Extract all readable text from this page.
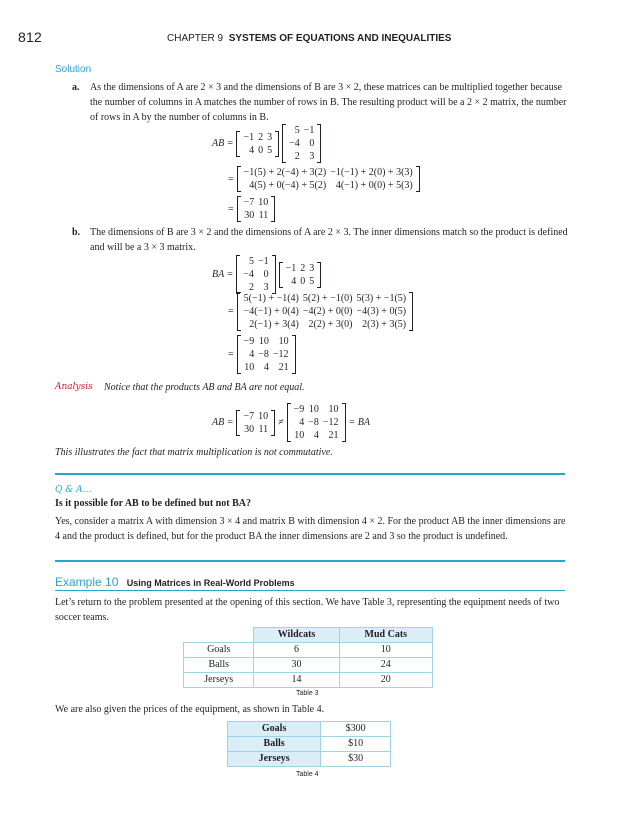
812	CHAPTER 9 SYSTEMS OF EQUATIONS AND INEQUALITIES
Solution
a.	As the dimensions of A are 2 × 3 and the dimensions of B are 3 × 2, these matrices can be multiplied together because the number of columns in A matches the number of rows in B. The resulting product will be a 2 × 2 matrix, the number of rows in A by the number of columns in B.

AB =
−1	2	3
4	0	5
5	−1
−4	0
2	3
=
−1(5) + 2(−4) + 3(2)	−1(−1) + 2(0) + 3(3)
4(5) + 0(−4) + 5(2)	4(−1) + 0(0) + 5(3)
=
−7	10
30	11
b. The dimensions of B are 3 × 2 and the dimensions of A are 2 × 3. The inner dimensions match so the product is defined and will be a 3 × 3 matrix.

BA =
5	−1
−4	0
2	3
−1	2	3
4	0	5
=
5(−1) + −1(4)	5(2) + −1(0)	5(3) + −1(5)
−4(−1) + 0(4)	−4(2) + 0(0)	−4(3) + 0(5)
2(−1) + 3(4)	2(2) + 3(0)	2(3) + 3(5)
=
−9	10	10
4	−8	−12
10	4	21
Analysis Notice that the products AB and BA are not equal.
AB =
−7	10
30	11
≠
−9	10	10
4	−8	−12
10	4	21
= BA
This illustrates the fact that matrix multiplication is not commutative.
Q & A…
Is it possible for AB to be defined but not BA?

Yes, consider a matrix A with dimension 3 × 4 and matrix B with dimension 4 × 2. For the product AB the inner dimensions are 4 and the product is defined, but for the product BA the inner dimensions are 2 and 3 so the product is undefined.

Example 10 Using Matrices in Real-World Problems

Let’s return to the problem presented at the opening of this section. We have Table 3, representing the equipment needs of two soccer teams.

	Wildcats	Mud Cats
Goals	6	10
Balls	30	24
Jerseys	14	20
Table 3

We are also given the prices of the equipment, as shown in Table 4.

Goals	$300
Balls	$10
Jerseys	$30
Table 4
